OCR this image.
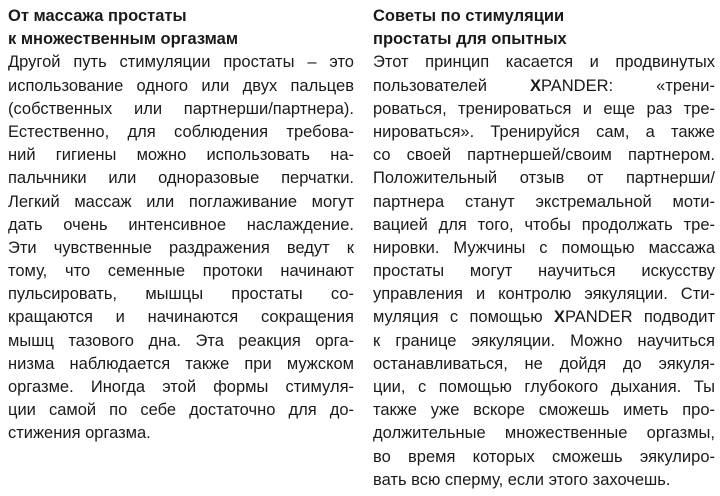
От массажа простаты
к множественным оргазмам
Другой путь стимуляции простаты – это
использование одного или двух пальцев
(собственных или партнерши/партнера).
Естественно, для соблюдения требова-
ний гигиены можно использовать на-
пальчники или одноразовые перчатки.
Легкий массаж или поглаживание могут
дать очень интенсивное наслаждение.
Эти чувственные раздражения ведут к
тому, что семенные протоки начинают
пульсировать, мышцы простаты со-
кращаются и начинаются сокращения
мышц тазового дна. Эта реакция орга-
низма наблюдается также при мужском
оргазме. Иногда этой формы стимуля-
ции самой по себе достаточно для до-
стижения оргазма.
Советы по стимуляции
простаты для опытных
Этот принцип касается и продвинутых
пользователей XPANDER: «трени-
роваться, тренироваться и еще раз тре-
нироваться». Тренируйся сам, а также
со своей партнершей/своим партнером.
Положительный отзыв от партнерши/
партнера станут экстремальной моти-
вацией для того, чтобы продолжать тре-
нировки. Мужчины с помощью массажа
простаты могут научиться искусству
управления и контролю эякуляции. Сти-
муляция с помощью XPANDER подводит
к границе эякуляции. Можно научиться
останавливаться, не дойдя до эякуля-
ции, с помощью глубокого дыхания. Ты
также уже вскоре сможешь иметь про-
должительные множественные оргазмы,
во время которых сможешь эякулиро-
вать всю сперму, если этого захочешь.
